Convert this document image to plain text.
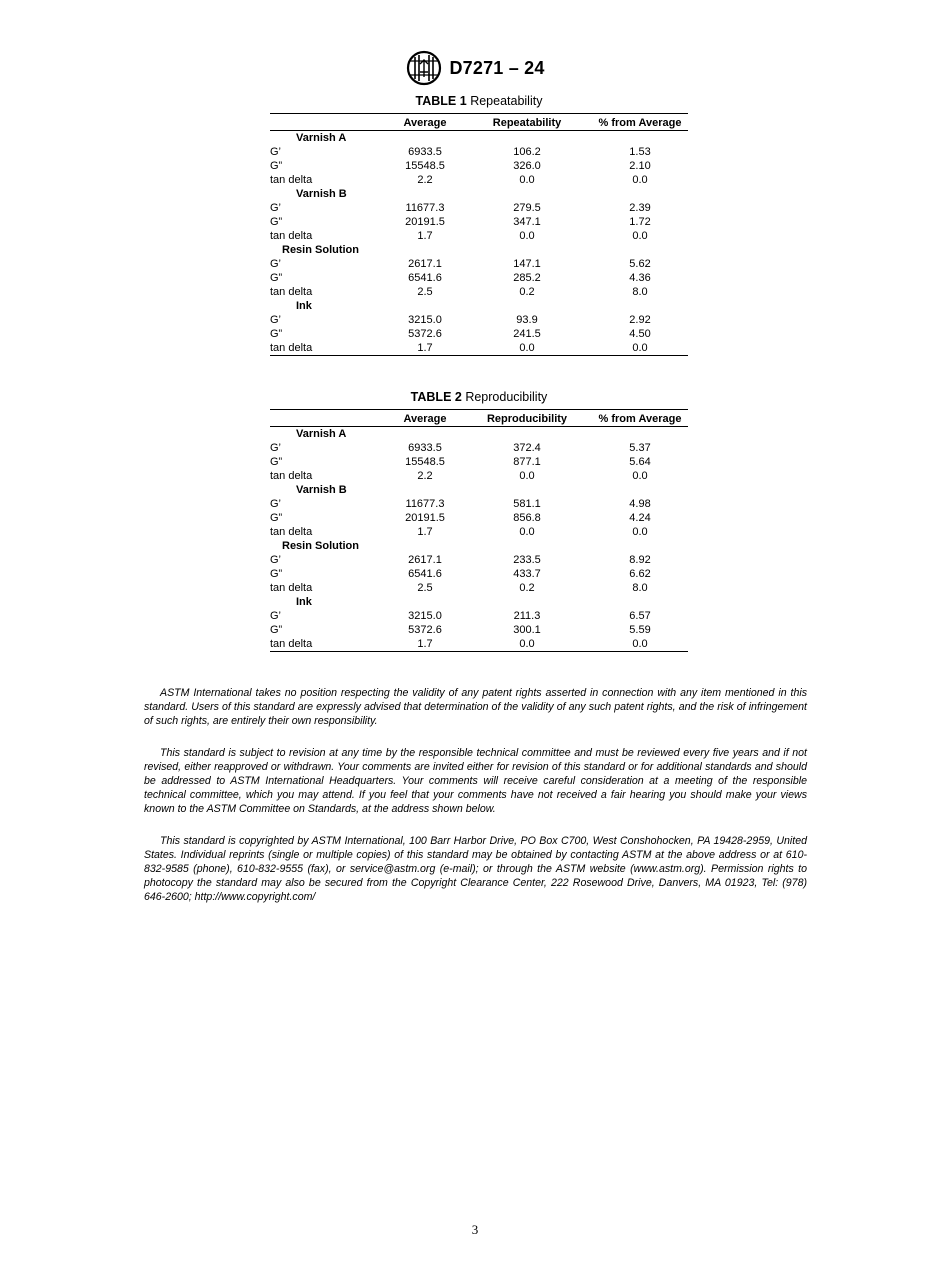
D7271 – 24
TABLE 1 Repeatability
	Average	Repeatability	% from Average
Varnish A			
G’	6933.5	106.2	1.53
G”	15548.5	326.0	2.10
tan delta	2.2	0.0	0.0
Varnish B			
G’	11677.3	279.5	2.39
G”	20191.5	347.1	1.72
tan delta	1.7	0.0	0.0
Resin Solution			
G’	2617.1	147.1	5.62
G”	6541.6	285.2	4.36
tan delta	2.5	0.2	8.0
Ink			
G’	3215.0	93.9	2.92
G”	5372.6	241.5	4.50
tan delta	1.7	0.0	0.0
TABLE 2 Reproducibility
	Average	Reproducibility	% from Average
Varnish A			
G’	6933.5	372.4	5.37
G”	15548.5	877.1	5.64
tan delta	2.2	0.0	0.0
Varnish B			
G’	11677.3	581.1	4.98
G”	20191.5	856.8	4.24
tan delta	1.7	0.0	0.0
Resin Solution			
G’	2617.1	233.5	8.92
G”	6541.6	433.7	6.62
tan delta	2.5	0.2	8.0
Ink			
G’	3215.0	211.3	6.57
G”	5372.6	300.1	5.59
tan delta	1.7	0.0	0.0

ASTM International takes no position respecting the validity of any patent rights asserted in connection with any item mentioned in this standard. Users of this standard are expressly advised that determination of the validity of any such patent rights, and the risk of infringement of such rights, are entirely their own responsibility.

This standard is subject to revision at any time by the responsible technical committee and must be reviewed every five years and if not revised, either reapproved or withdrawn. Your comments are invited either for revision of this standard or for additional standards and should be addressed to ASTM International Headquarters. Your comments will receive careful consideration at a meeting of the responsible technical committee, which you may attend. If you feel that your comments have not received a fair hearing you should make your views known to the ASTM Committee on Standards, at the address shown below.

This standard is copyrighted by ASTM International, 100 Barr Harbor Drive, PO Box C700, West Conshohocken, PA 19428-2959, United States. Individual reprints (single or multiple copies) of this standard may be obtained by contacting ASTM at the above address or at 610-832-9585 (phone), 610-832-9555 (fax), or service@astm.org (e-mail); or through the ASTM website (www.astm.org). Permission rights to photocopy the standard may also be secured from the Copyright Clearance Center, 222 Rosewood Drive, Danvers, MA 01923, Tel: (978) 646-2600; http://www.copyright.com/

3
